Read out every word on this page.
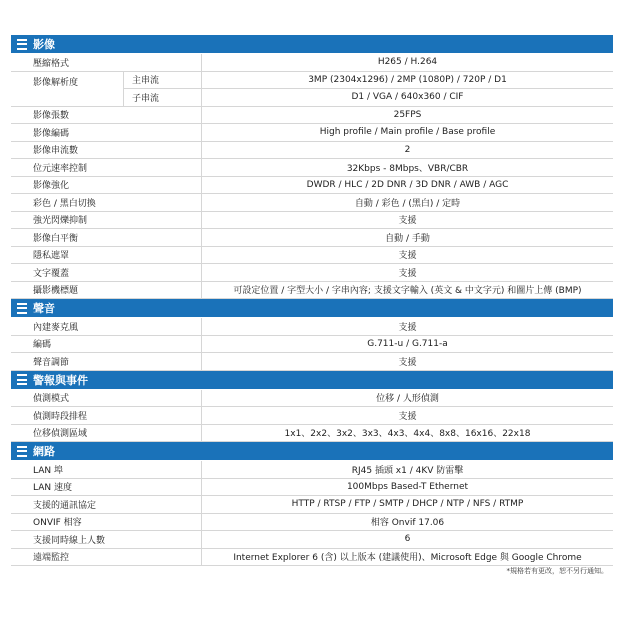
影像
壓縮格式	H265 / H.264
影像解析度	主串流	3MP (2304x1296) / 2MP (1080P) / 720P / D1
子串流	D1 / VGA / 640x360 / CIF
影像張數	25FPS
影像編碼	High profile / Main profile / Base profile
影像串流數	2
位元速率控制	32Kbps - 8Mbps、VBR/CBR
影像強化	DWDR / HLC / 2D DNR / 3D DNR / AWB / AGC
彩色 / 黑白切換	自動 / 彩色 / (黑白) / 定時
強光閃爍抑制	支援
影像白平衡	自動 / 手動
隱私遮罩	支援
文字覆蓋	支援
攝影機標題	可設定位置 / 字型大小 / 字串內容; 支援文字輸入 (英文 & 中文字元) 和圖片上傳 (BMP)
聲音
內建麥克風	支援
編碼	G.711-u / G.711-a
聲音調節	支援
警報與事件
偵測模式	位移 / 人形偵測
偵測時段排程	支援
位移偵測區域	1x1、2x2、3x2、3x3、4x3、4x4、8x8、16x16、22x18
網路
LAN 埠	RJ45 插頭 x1 / 4KV 防雷擊
LAN 速度	100Mbps Based-T Ethernet
支援的通訊協定	HTTP / RTSP / FTP / SMTP / DHCP / NTP / NFS / RTMP
ONVIF 相容	相容 Onvif 17.06
支援同時線上人數	6
遠端監控	Internet Explorer 6 (含) 以上版本 (建議使用)、Microsoft Edge 與 Google Chrome
*規格若有更改，恕不另行通知。
